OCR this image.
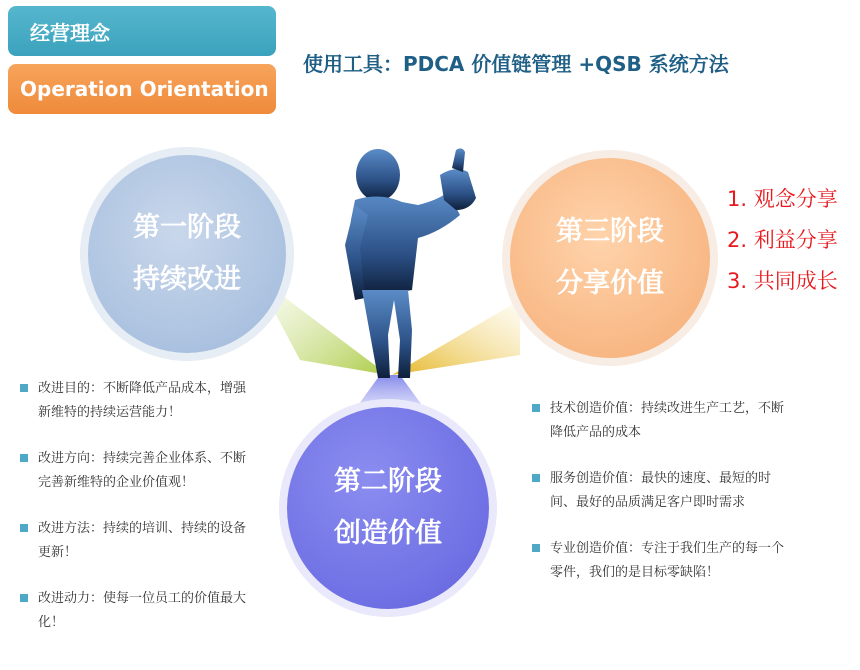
经营理念
Operation Orientation
使用工具：PDCA 价值链管理 +QSB 系统方法
第一阶段
持续改进
第三阶段
分享价值
第二阶段
创造价值
1. 观念分享
2. 利益分享
3. 共同成长
改进目的：不断降低产品成本，增强新维特的持续运营能力！
改进方向：持续完善企业体系、不断完善新维特的企业价值观！
改进方法：持续的培训、持续的设备更新！
改进动力：使每一位员工的价值最大化！
技术创造价值：持续改进生产工艺，不断降低产品的成本
服务创造价值：最快的速度、最短的时间、最好的品质满足客户即时需求
专业创造价值：专注于我们生产的每一个零件，我们的是目标零缺陷！
